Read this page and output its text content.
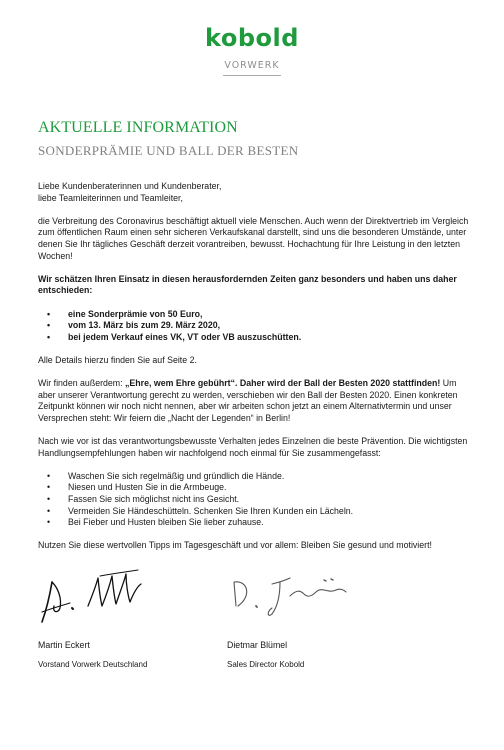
kobold
VORWERK
AKTUELLE INFORMATION
SONDERPRÄMIE UND BALL DER BESTEN

Liebe Kundenberaterinnen und Kundenberater,

liebe Teamleiterinnen und Teamleiter,

die Verbreitung des Coronavirus beschäftigt aktuell viele Menschen. Auch wenn der Direktvertrieb im Vergleich zum öffentlichen Raum einen sehr sicheren Verkaufskanal darstellt, sind uns die besonderen Umstände, unter denen Sie Ihr tägliches Geschäft derzeit vorantreiben, bewusst. Hochachtung für Ihre Leistung in den letzten Wochen!

Wir schätzen Ihren Einsatz in diesen herausfordernden Zeiten ganz besonders und haben uns daher entschieden:

• eine Sonderprämie von 50 Euro,
• vom 13. März bis zum 29. März 2020,
• bei jedem Verkauf eines VK, VT oder VB auszuschütten.

Alle Details hierzu finden Sie auf Seite 2.

Wir finden außerdem: „Ehre, wem Ehre gebührt“. Daher wird der Ball der Besten 2020 stattfinden! Um aber unserer Verantwortung gerecht zu werden, verschieben wir den Ball der Besten 2020. Einen konkreten Zeitpunkt können wir noch nicht nennen, aber wir arbeiten schon jetzt an einem Alternativtermin und unser Versprechen steht: Wir feiern die „Nacht der Legenden“ in Berlin!

Nach wie vor ist das verantwortungsbewusste Verhalten jedes Einzelnen die beste Prävention. Die wichtigsten Handlungsempfehlungen haben wir nachfolgend noch einmal für Sie zusammengefasst:

• Waschen Sie sich regelmäßig und gründlich die Hände.
• Niesen und Husten Sie in die Armbeuge.
• Fassen Sie sich möglichst nicht ins Gesicht.
• Vermeiden Sie Händeschütteln. Schenken Sie Ihren Kunden ein Lächeln.
• Bei Fieber und Husten bleiben Sie lieber zuhause.

Nutzen Sie diese wertvollen Tipps im Tagesgeschäft und vor allem: Bleiben Sie gesund und motiviert!

Martin Eckert	Dietmar Blümel
Vorstand Vorwerk Deutschland	Sales Director Kobold
